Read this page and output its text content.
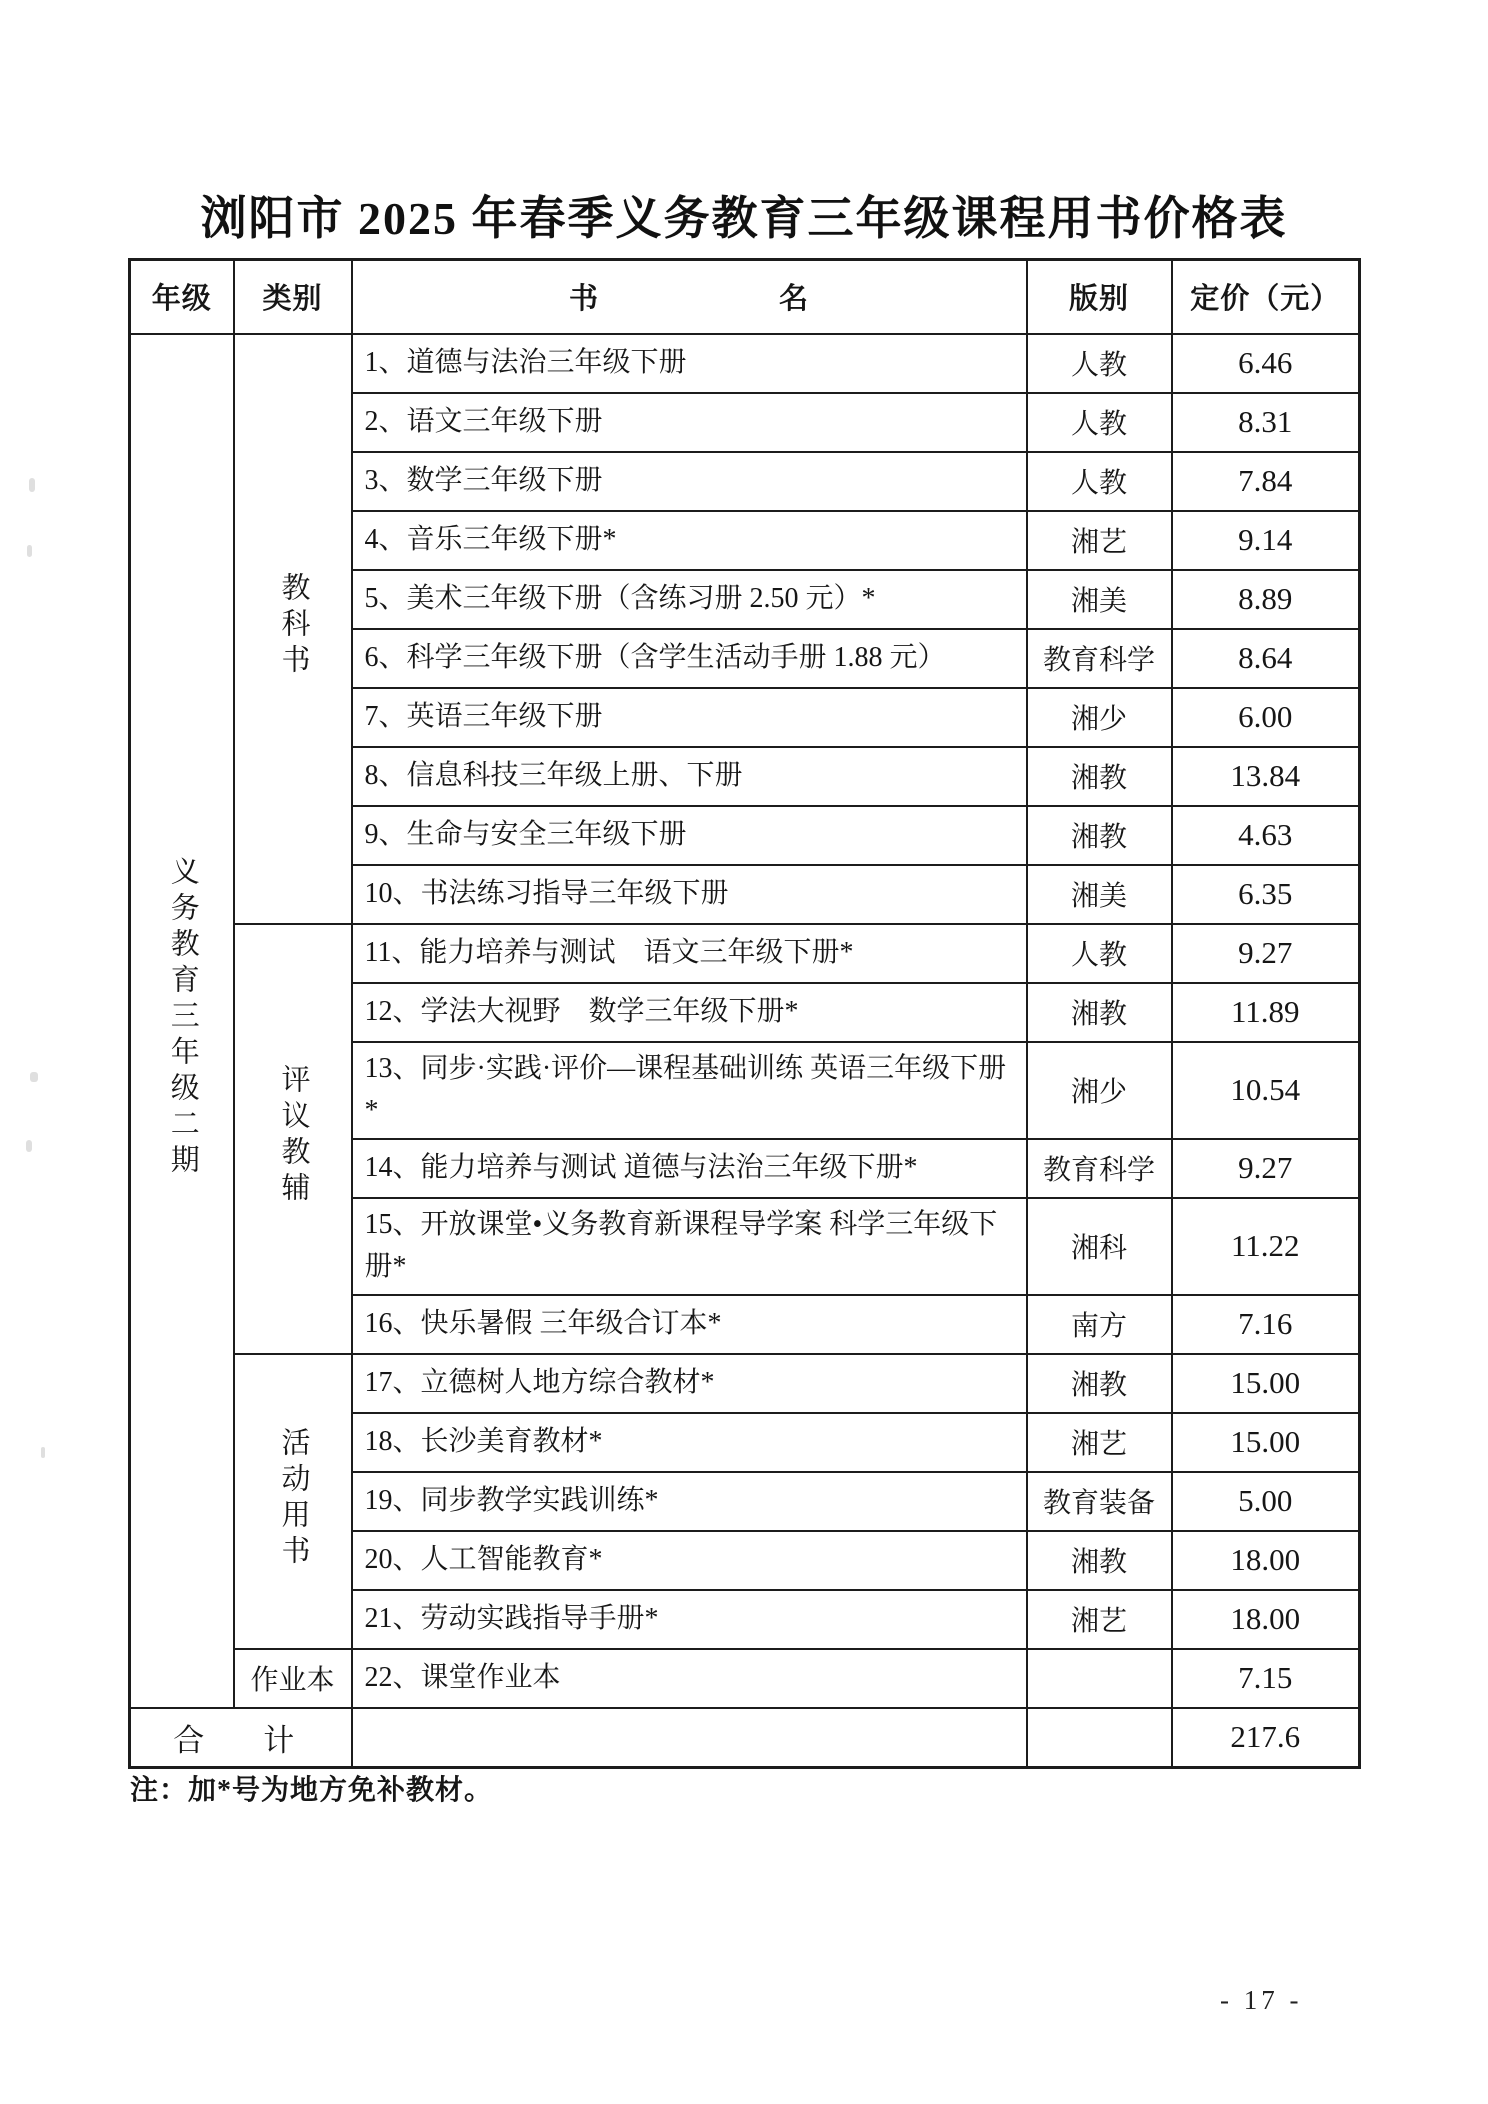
浏阳市 2025 年春季义务教育三年级课程用书价格表
年级	类别	书　　　　　　名	版别	定价（元）
义务教育三年级二期	教科书	1、道德与法治三年级下册	人教	6.46
		2、语文三年级下册	人教	8.31
		3、数学三年级下册	人教	7.84
		4、音乐三年级下册*	湘艺	9.14
		5、美术三年级下册（含练习册 2.50 元）*	湘美	8.89
		6、科学三年级下册（含学生活动手册 1.88 元）	教育科学	8.64
		7、英语三年级下册	湘少	6.00
		8、信息科技三年级上册、下册	湘教	13.84
		9、生命与安全三年级下册	湘教	4.63
		10、书法练习指导三年级下册	湘美	6.35
	评议教辅	11、能力培养与测试　语文三年级下册*	人教	9.27
		12、学法大视野　数学三年级下册*	湘教	11.89
		13、同步·实践·评价—课程基础训练 英语三年级下册*	湘少	10.54
		14、能力培养与测试 道德与法治三年级下册*	教育科学	9.27
		15、开放课堂•义务教育新课程导学案 科学三年级下册*	湘科	11.22
		16、快乐暑假 三年级合订本*	南方	7.16
	活动用书	17、立德树人地方综合教材*	湘教	15.00
		18、长沙美育教材*	湘艺	15.00
		19、同步教学实践训练*	教育装备	5.00
		20、人工智能教育*	湘教	18.00
		21、劳动实践指导手册*	湘艺	18.00

	作业本	22、课堂作业本		7.15
合　计				217.6
注：加*号为地方免补教材。
- 17 -
